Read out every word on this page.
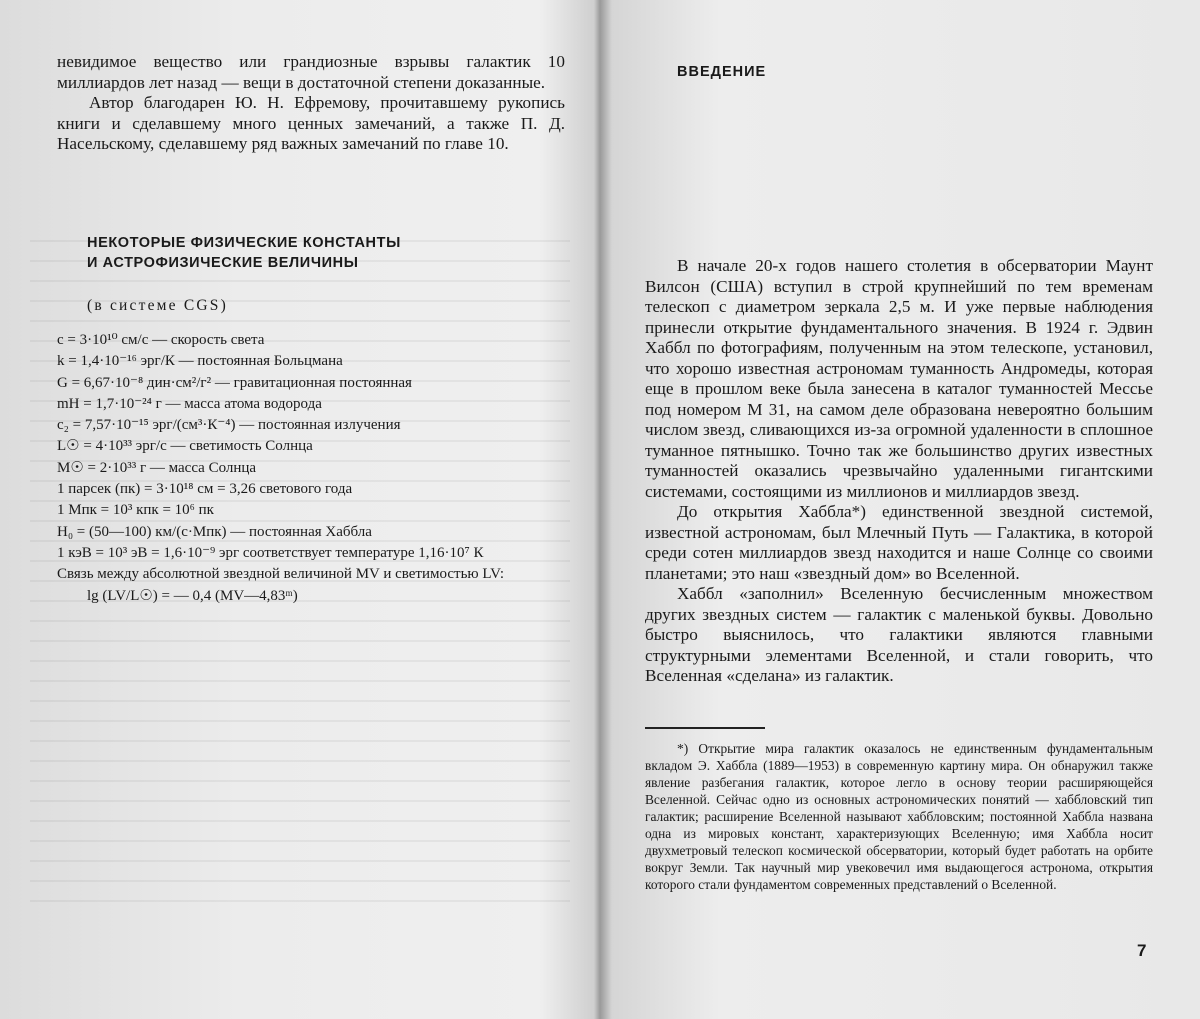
невидимое вещество или грандиозные взрывы галактик 10 миллиардов лет назад — вещи в достаточной степени доказанные.

Автор благодарен Ю. Н. Ефремову, прочитавшему рукопись книги и сделавшему много ценных замечаний, а также П. Д. Насельскому, сделавшему ряд важных замечаний по главе 10.

НЕКОТОРЫЕ ФИЗИЧЕСКИЕ КОНСТАНТЫ
И АСТРОФИЗИЧЕСКИЕ ВЕЛИЧИНЫ
(в системе CGS)
c = 3·10¹⁰ см/с — скорость света
k = 1,4·10⁻¹⁶ эрг/К — постоянная Больцмана
G = 6,67·10⁻⁸ дин·см²/г² — гравитационная постоянная
mH = 1,7·10⁻²⁴ г — масса атома водорода
c₂ = 7,57·10⁻¹⁵ эрг/(см³·К⁻⁴) — постоянная излучения
L☉ = 4·10³³ эрг/с — светимость Солнца
M☉ = 2·10³³ г — масса Солнца
1 парсек (пк) = 3·10¹⁸ см = 3,26 светового года
1 Мпк = 10³ кпк = 10⁶ пк
H₀ = (50—100) км/(с·Мпк) — постоянная Хаббла
1 кэВ = 10³ эВ = 1,6·10⁻⁹ эрг соответствует температуре 1,16·10⁷ К
Связь между абсолютной звездной величиной MV и светимостью LV:
lg (LV/L☉) = — 0,4 (MV—4,83ᵐ)
ВВЕДЕНИЕ

В начале 20-х годов нашего столетия в обсерватории Маунт Вилсон (США) вступил в строй крупнейший по тем временам телескоп с диаметром зеркала 2,5 м. И уже первые наблюдения принесли открытие фундаментального значения. В 1924 г. Эдвин Хаббл по фотографиям, полученным на этом телескопе, установил, что хорошо известная астрономам туманность Андромеды, которая еще в прошлом веке была занесена в каталог туманностей Мессье под номером М 31, на самом деле образована невероятно большим числом звезд, сливающихся из-за огромной удаленности в сплошное туманное пятнышко. Точно так же большинство других известных туманностей оказались чрезвычайно удаленными гигантскими системами, состоящими из миллионов и миллиардов звезд.

До открытия Хаббла*) единственной звездной системой, известной астрономам, был Млечный Путь — Галактика, в которой среди сотен миллиардов звезд находится и наше Солнце со своими планетами; это наш «звездный дом» во Вселенной.

Хаббл «заполнил» Вселенную бесчисленным множеством других звездных систем — галактик с маленькой буквы. Довольно быстро выяснилось, что галактики являются главными структурными элементами Вселенной, и стали говорить, что Вселенная «сделана» из галактик.

*) Открытие мира галактик оказалось не единственным фундаментальным вкладом Э. Хаббла (1889—1953) в современную картину мира. Он обнаружил также явление разбегания галактик, которое легло в основу теории расширяющейся Вселенной. Сейчас одно из основных астрономических понятий — хаббловский тип галактик; расширение Вселенной называют хаббловским; постоянной Хаббла названа одна из мировых констант, характеризующих Вселенную; имя Хаббла носит двухметровый телескоп космической обсерватории, который будет работать на орбите вокруг Земли. Так научный мир увековечил имя выдающегося астронома, открытия которого стали фундаментом современных представлений о Вселенной.

7
